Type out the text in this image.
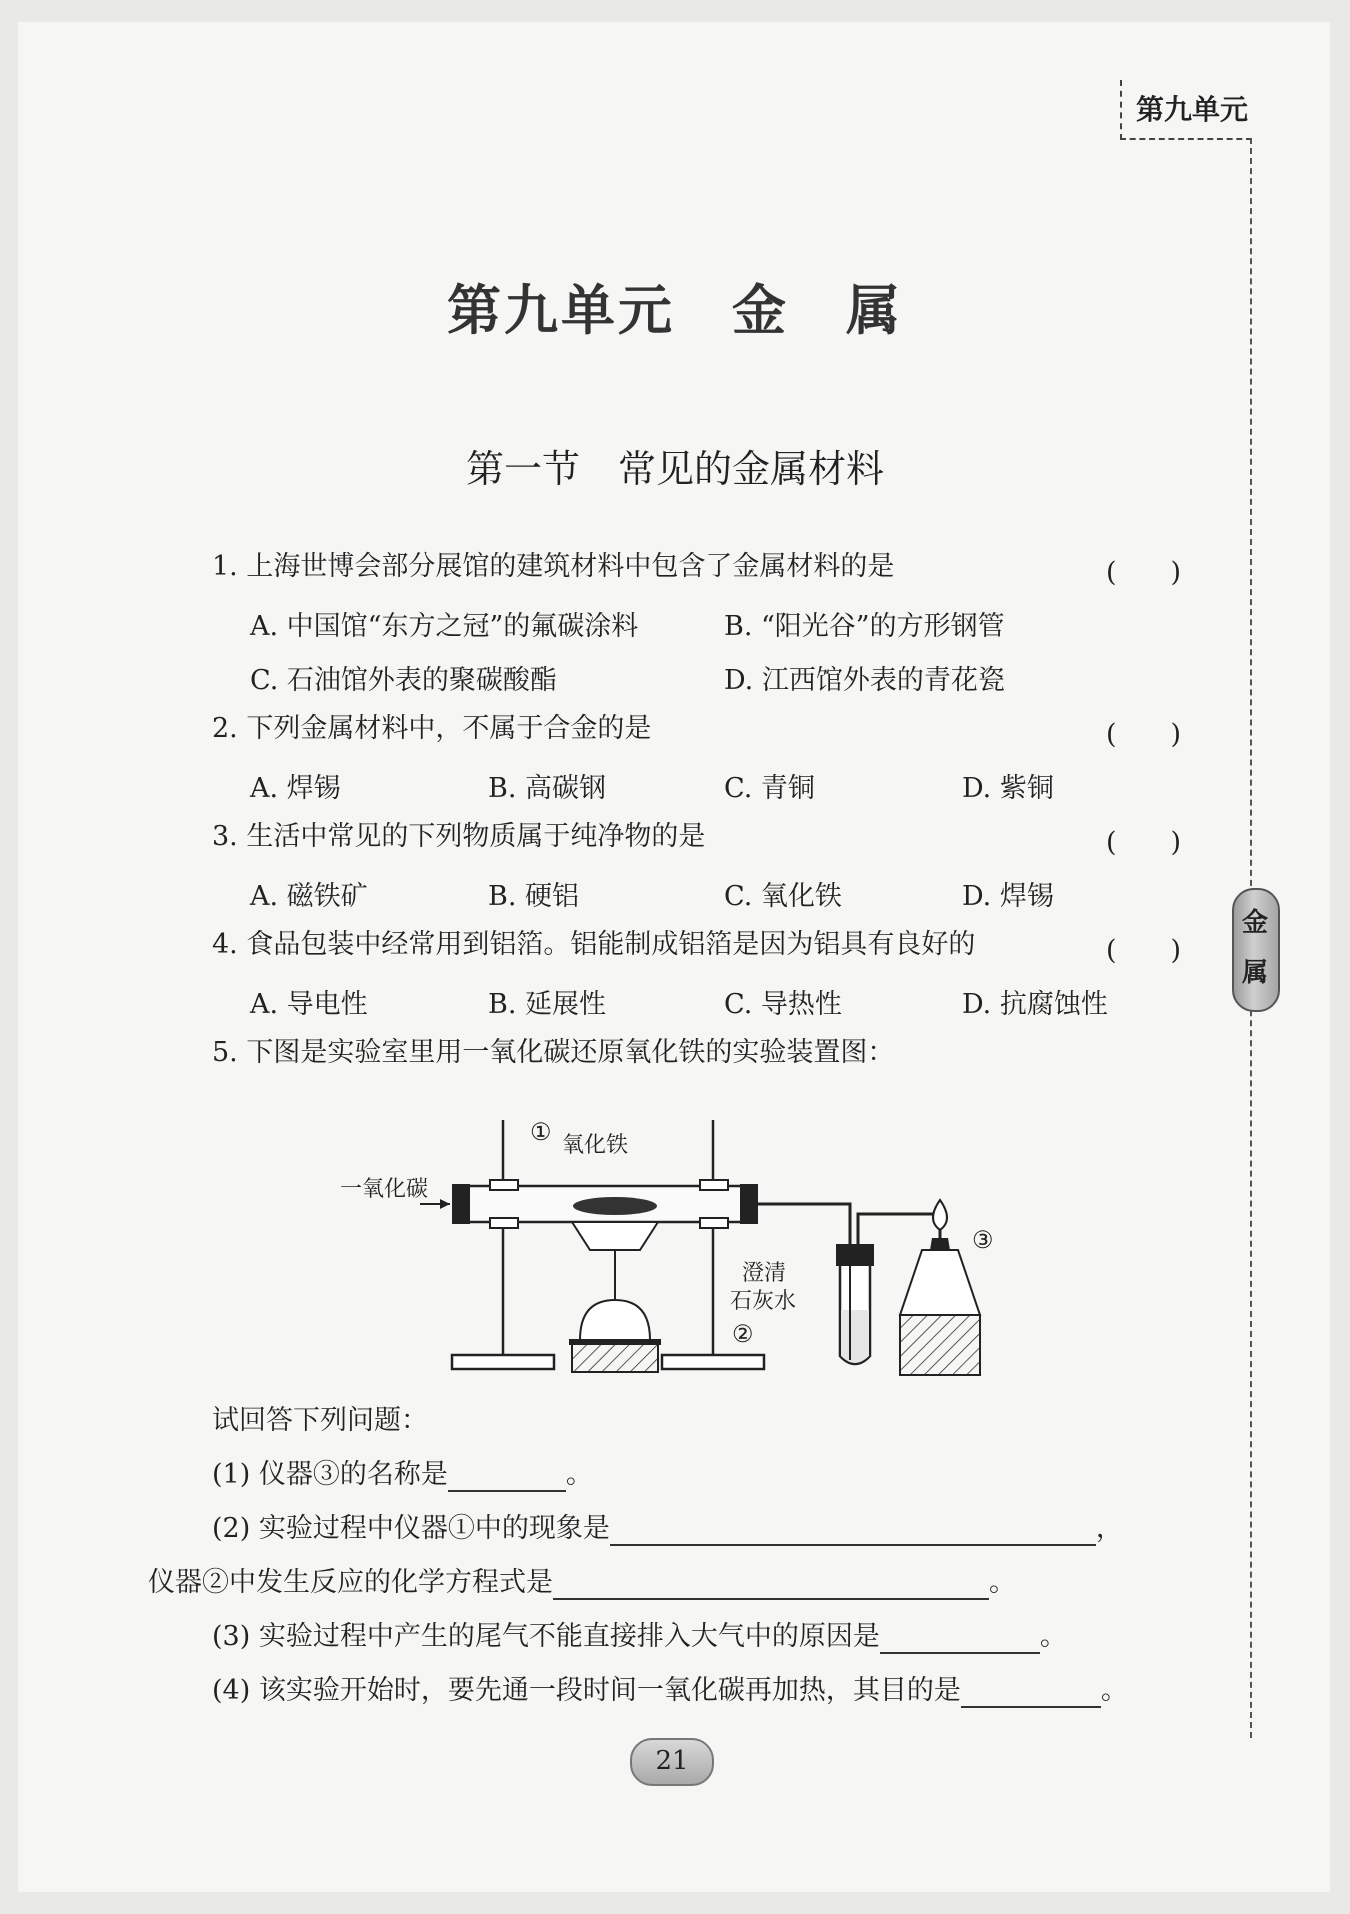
第九单元
第九单元　金　属
第一节　常见的金属材料
1. 上海世博会部分展馆的建筑材料中包含了金属材料的是	(　　)
A. 中国馆“东方之冠”的氟碳涂料	B. “阳光谷”的方形钢管
C. 石油馆外表的聚碳酸酯	D. 江西馆外表的青花瓷
2. 下列金属材料中，不属于合金的是	(　　)
A. 焊锡	B. 高碳钢	C. 青铜	D. 紫铜
3. 生活中常见的下列物质属于纯净物的是	(　　)
A. 磁铁矿	B. 硬铝	C. 氧化铁	D. 焊锡
4. 食品包装中经常用到铝箔。铝能制成铝箔是因为铝具有良好的	(　　)
A. 导电性	B. 延展性	C. 导热性	D. 抗腐蚀性
5. 下图是实验室里用一氧化碳还原氧化铁的实验装置图：
金
属
一氧化碳
氧化铁
①
澄清
石灰水
②
③
试回答下列问题：
(1) 仪器③的名称是	。
(2) 实验过程中仪器①中的现象是	，
仪器②中发生反应的化学方程式是	。
(3) 实验过程中产生的尾气不能直接排入大气中的原因是	。
(4) 该实验开始时，要先通一段时间一氧化碳再加热，其目的是	。
21
